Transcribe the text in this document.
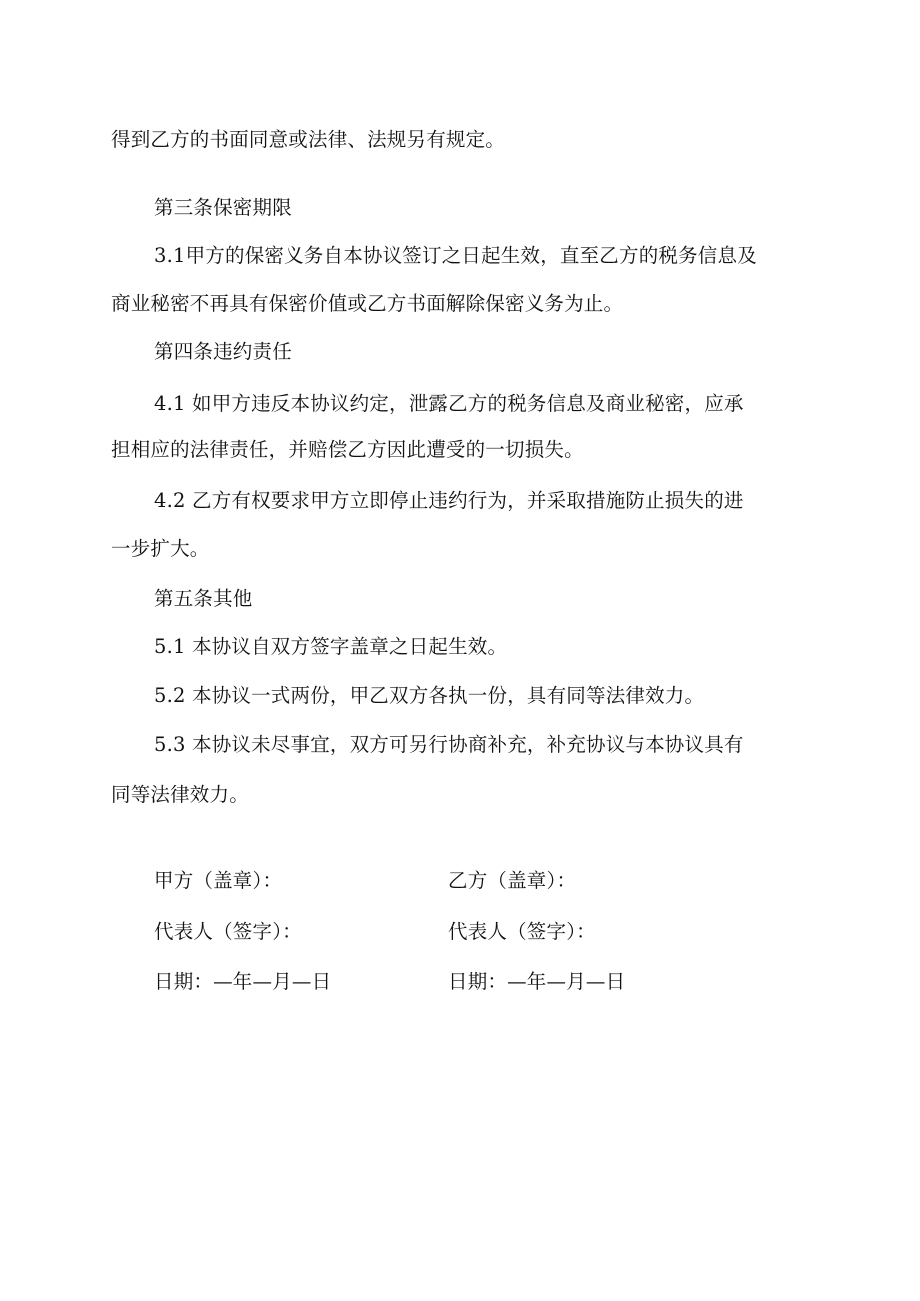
得到乙方的书面同意或法律、法规另有规定。
第三条保密期限
3.1甲方的保密义务自本协议签订之日起生效，直至乙方的税务信息及
商业秘密不再具有保密价值或乙方书面解除保密义务为止。
第四条违约责任
4.1 如甲方违反本协议约定，泄露乙方的税务信息及商业秘密，应承
担相应的法律责任，并赔偿乙方因此遭受的一切损失。
4.2 乙方有权要求甲方立即停止违约行为，并采取措施防止损失的进
一步扩大。
第五条其他
5.1 本协议自双方签字盖章之日起生效。
5.2 本协议一式两份，甲乙双方各执一份，具有同等法律效力。
5.3 本协议未尽事宜，双方可另行协商补充，补充协议与本协议具有
同等法律效力。
甲方（盖章）：	乙方（盖章）：
代表人（签字）：	代表人（签字）：
日期：—年—月—日	日期：—年—月—日
